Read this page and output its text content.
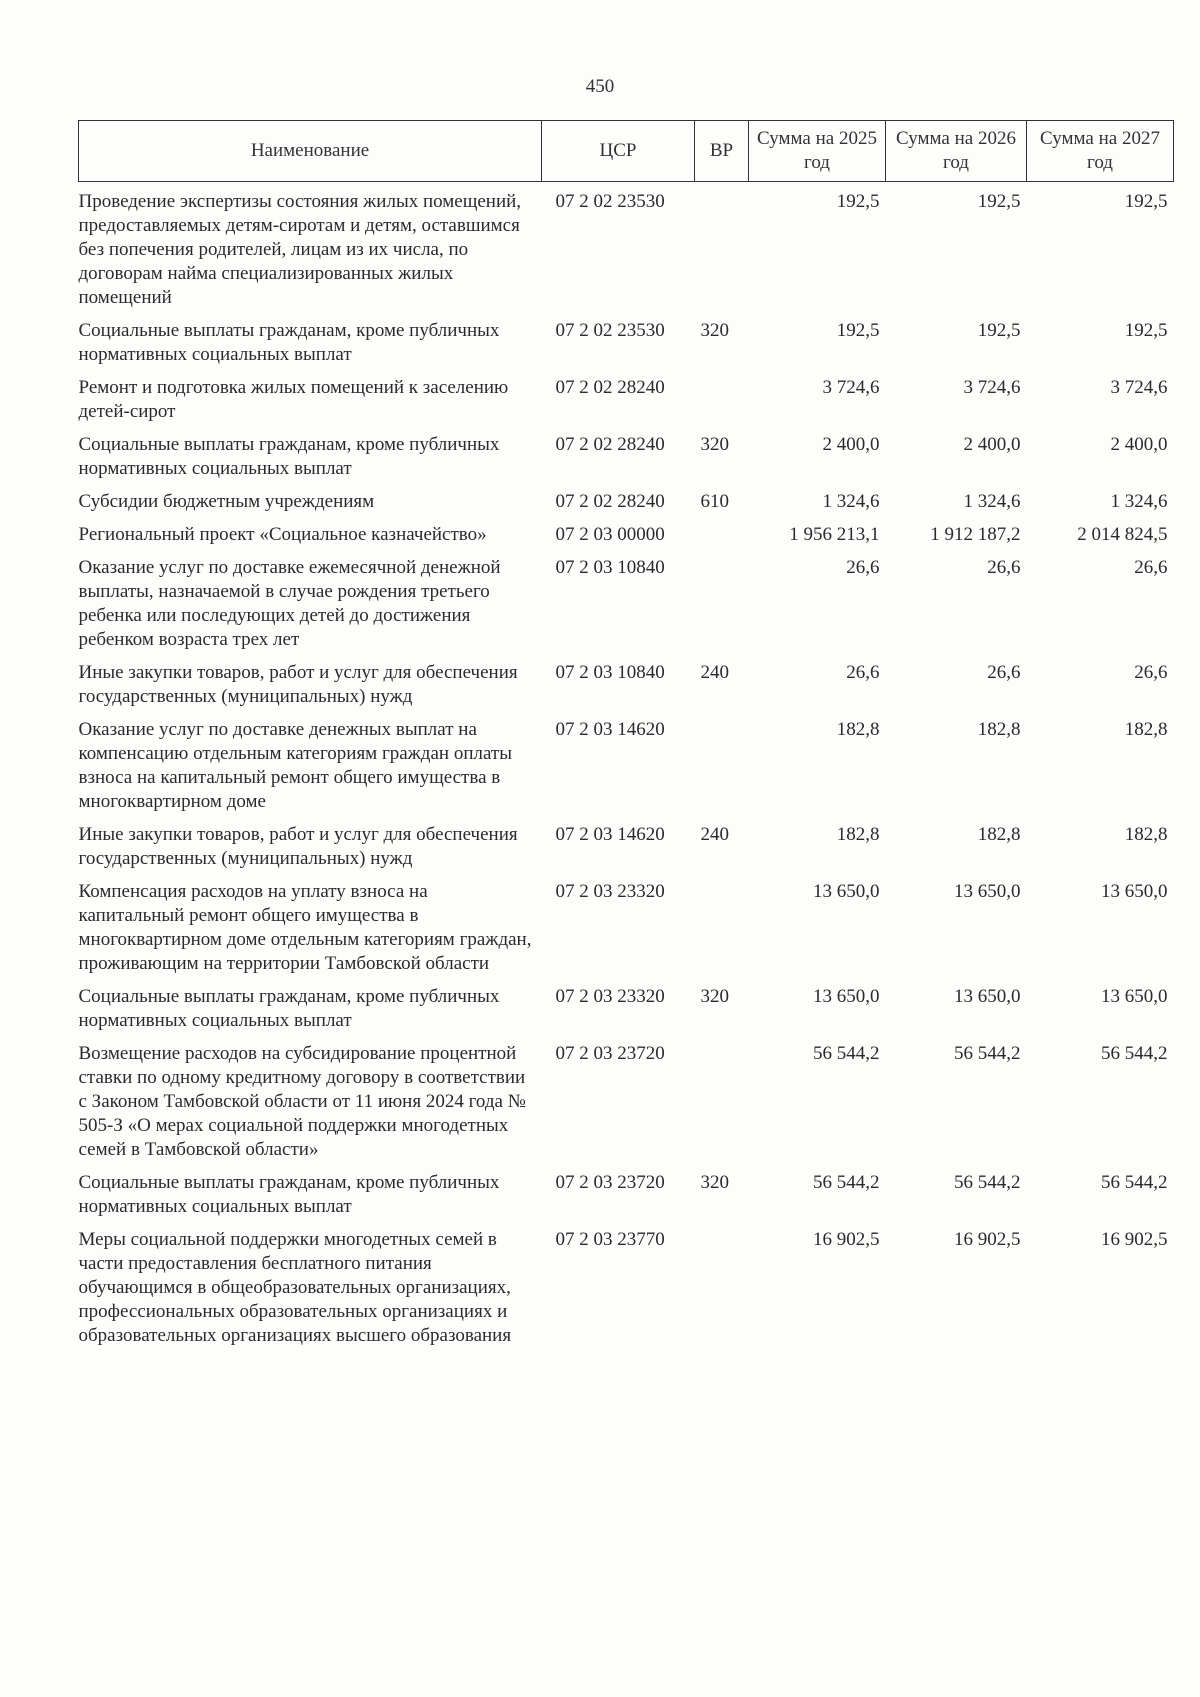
450
Наименование	ЦСР	ВР	Сумма на 2025 год	Сумма на 2026 год	Сумма на 2027 год
Проведение экспертизы состояния жилых помещений, предоставляемых детям-сиротам и детям, оставшимся без попечения родителей, лицам из их числа, по договорам найма специализированных жилых помещений	07 2 02 23530		192,5	192,5	192,5
Социальные выплаты гражданам, кроме публичных нормативных социальных выплат	07 2 02 23530	320	192,5	192,5	192,5
Ремонт и подготовка жилых помещений к заселению детей-сирот	07 2 02 28240		3 724,6	3 724,6	3 724,6
Социальные выплаты гражданам, кроме публичных нормативных социальных выплат	07 2 02 28240	320	2 400,0	2 400,0	2 400,0
Субсидии бюджетным учреждениям	07 2 02 28240	610	1 324,6	1 324,6	1 324,6
Региональный проект «Социальное казначейство»	07 2 03 00000		1 956 213,1	1 912 187,2	2 014 824,5
Оказание услуг по доставке ежемесячной денежной выплаты, назначаемой в случае рождения третьего ребенка или последующих детей до достижения ребенком возраста трех лет	07 2 03 10840		26,6	26,6	26,6
Иные закупки товаров, работ и услуг для обеспечения государственных (муниципальных) нужд	07 2 03 10840	240	26,6	26,6	26,6
Оказание услуг по доставке денежных выплат на компенсацию отдельным категориям граждан оплаты взноса на капитальный ремонт общего имущества в многоквартирном доме	07 2 03 14620		182,8	182,8	182,8
Иные закупки товаров, работ и услуг для обеспечения государственных (муниципальных) нужд	07 2 03 14620	240	182,8	182,8	182,8
Компенсация расходов на уплату взноса на капитальный ремонт общего имущества в многоквартирном доме отдельным категориям граждан, проживающим на территории Тамбовской области	07 2 03 23320		13 650,0	13 650,0	13 650,0
Социальные выплаты гражданам, кроме публичных нормативных социальных выплат	07 2 03 23320	320	13 650,0	13 650,0	13 650,0
Возмещение расходов на субсидирование процентной ставки по одному кредитному договору в соответствии с Законом Тамбовской области от 11 июня 2024 года № 505-З «О мерах социальной поддержки многодетных семей в Тамбовской области»	07 2 03 23720		56 544,2	56 544,2	56 544,2
Социальные выплаты гражданам, кроме публичных нормативных социальных выплат	07 2 03 23720	320	56 544,2	56 544,2	56 544,2
Меры социальной поддержки многодетных семей в части предоставления бесплатного питания обучающимся в общеобразовательных организациях, профессиональных образовательных организациях и образовательных организациях высшего образования	07 2 03 23770		16 902,5	16 902,5	16 902,5
